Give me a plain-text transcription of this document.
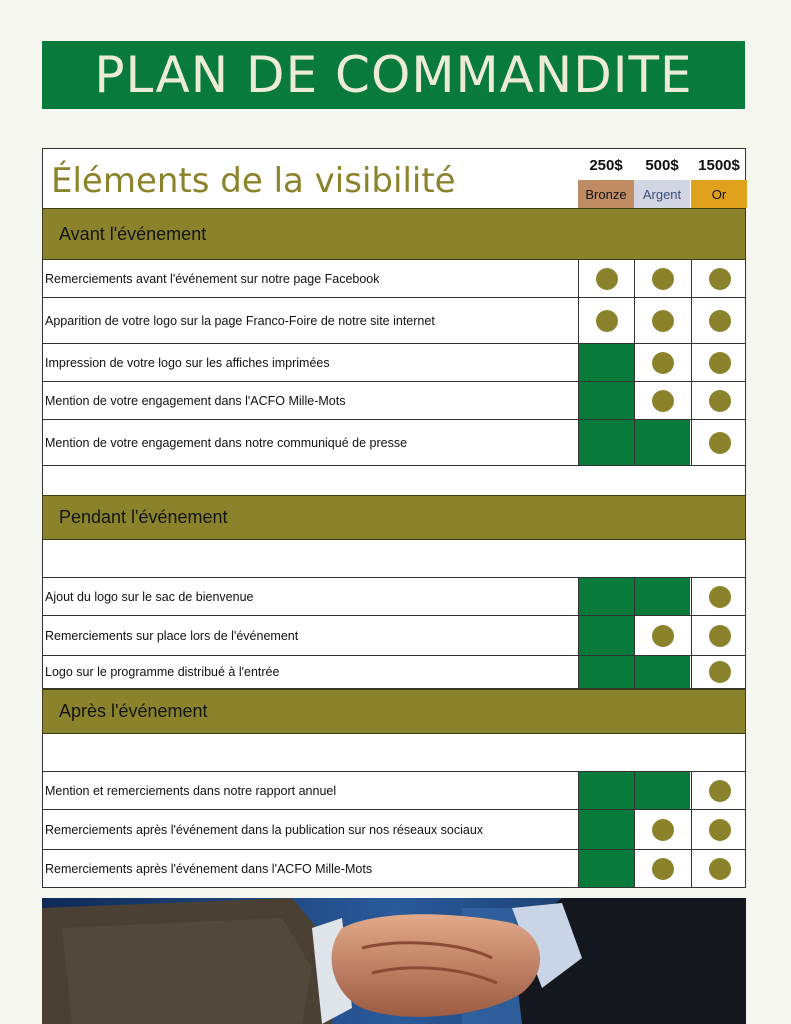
PLAN DE COMMANDITE
Éléments de la visibilité	250$
Bronze
500$
Argent
1500$
Or
Avant l'événement
Remerciements avant l'événement sur notre page Facebook
Apparition de votre logo sur la page Franco-Foire de notre site internet
Impression de votre logo sur les affiches imprimées
Mention de votre engagement dans l'ACFO Mille-Mots
Mention de votre engagement dans notre communiqué de presse
Pendant l'événement
Ajout du logo sur le sac de bienvenue
Remerciements sur place lors de l'événement
Logo sur le programme distribué à l'entrée
Après l'événement
Mention et remerciements dans notre rapport annuel
Remerciements après l'événement dans la publication sur nos réseaux sociaux
Remerciements après l'événement dans l'ACFO Mille-Mots
